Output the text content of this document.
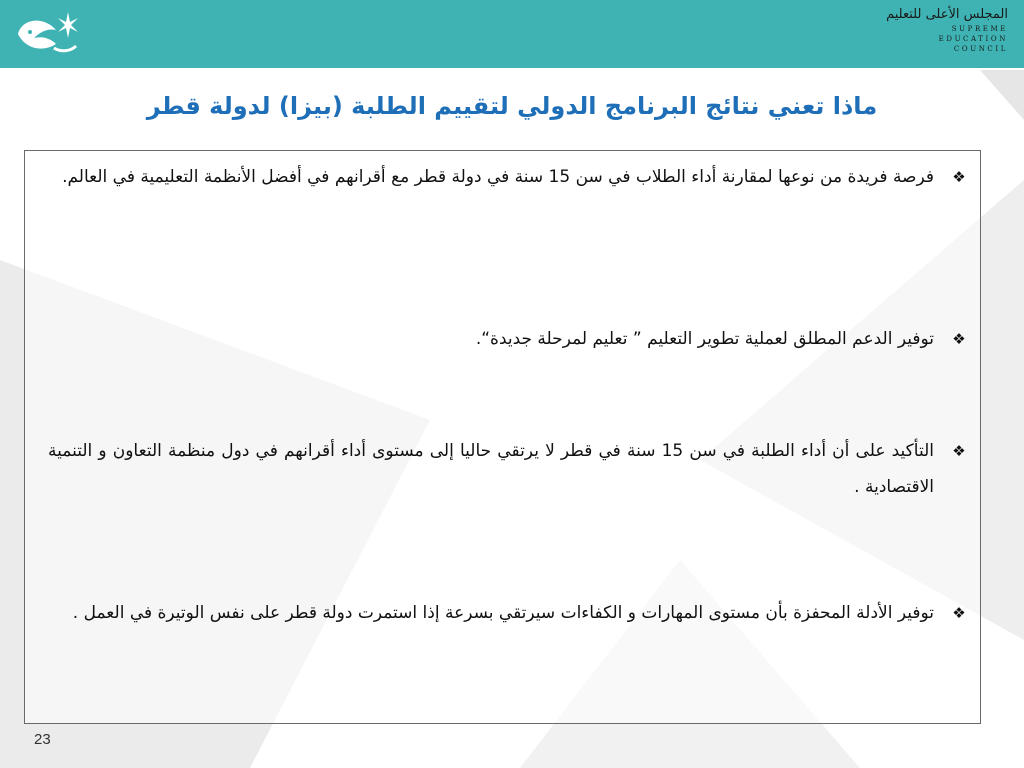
المجلس الأعلى للتعليم
SUPREME
EDUCATION
COUNCIL
ماذا تعني نتائج البرنامج الدولي لتقييم الطلبة (بيزا) لدولة قطر
❖
فرصة فريدة من نوعها لمقارنة أداء الطلاب في سن 15 سنة في دولة قطر مع أقرانهم في أفضل الأنظمة التعليمية في العالم.
❖
توفير الدعم المطلق لعملية تطوير التعليم ” تعليم لمرحلة جديدة“.
❖
التأكيد على أن أداء الطلبة في سن 15 سنة في قطر لا يرتقي حاليا إلى مستوى أداء أقرانهم في دول منظمة التعاون و التنمية الاقتصادية .
❖
توفير الأدلة المحفزة بأن مستوى المهارات و الكفاءات سيرتقي بسرعة إذا استمرت دولة قطر على نفس الوتيرة في العمل .
23
